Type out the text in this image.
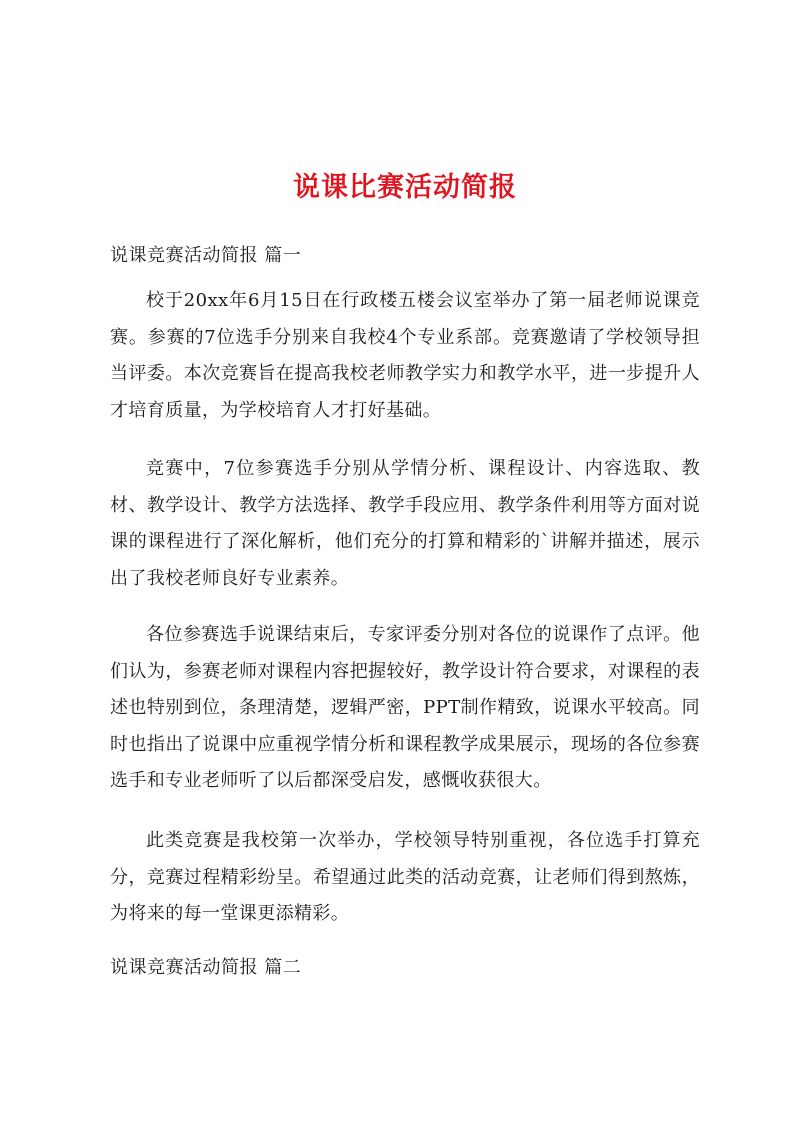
说课比赛活动简报
说课竞赛活动简报 篇一

校于20xx年6月15日在行政楼五楼会议室举办了第一届老师说课竞赛。参赛的7位选手分别来自我校4个专业系部。竞赛邀请了学校领导担当评委。本次竞赛旨在提高我校老师教学实力和教学水平，进一步提升人才培育质量，为学校培育人才打好基础。

竞赛中，7位参赛选手分别从学情分析、课程设计、内容选取、教材、教学设计、教学方法选择、教学手段应用、教学条件利用等方面对说课的课程进行了深化解析，他们充分的打算和精彩的`讲解并描述，展示出了我校老师良好专业素养。

各位参赛选手说课结束后，专家评委分别对各位的说课作了点评。他们认为，参赛老师对课程内容把握较好，教学设计符合要求，对课程的表述也特别到位，条理清楚，逻辑严密，PPT制作精致，说课水平较高。同时也指出了说课中应重视学情分析和课程教学成果展示，现场的各位参赛选手和专业老师听了以后都深受启发，感慨收获很大。

此类竞赛是我校第一次举办，学校领导特别重视，各位选手打算充分，竞赛过程精彩纷呈。希望通过此类的活动竞赛，让老师们得到熬炼，为将来的每一堂课更添精彩。

说课竞赛活动简报 篇二
